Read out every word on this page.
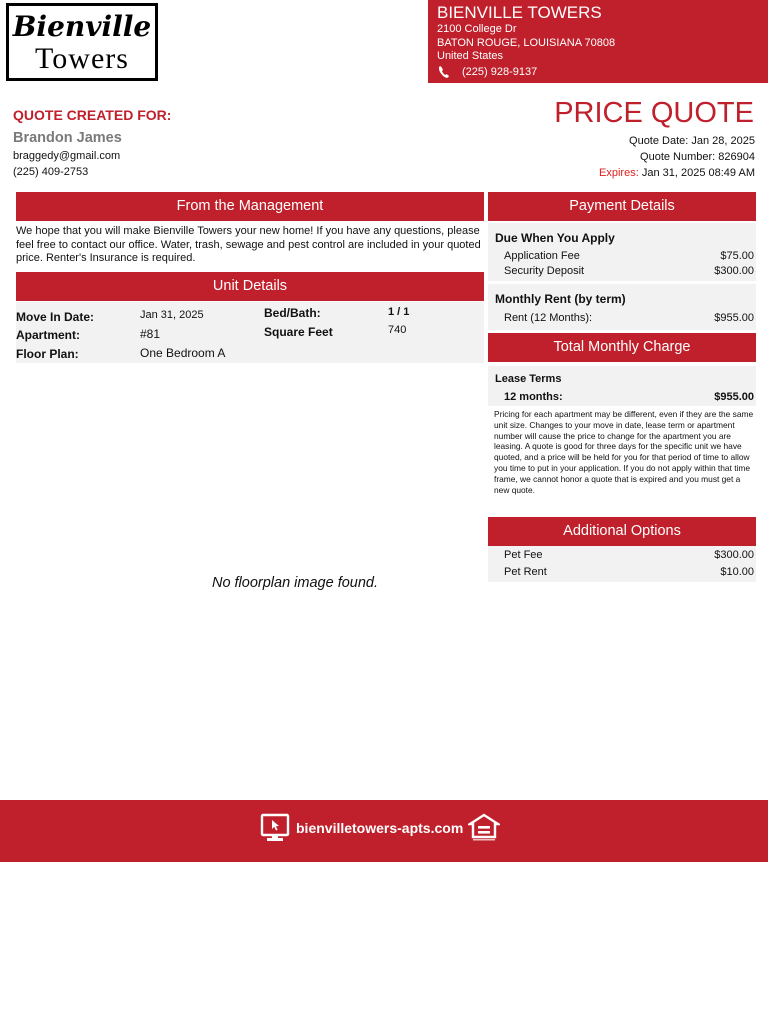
Bienville
Towers
BIENVILLE TOWERS
2100 College Dr
BATON ROUGE, LOUISIANA 70808
United States
(225) 928-9137
QUOTE CREATED FOR:
Brandon James
braggedy@gmail.com
(225) 409-2753
PRICE QUOTE
Quote Date: Jan 28, 2025
Quote Number: 826904
Expires: Jan 31, 2025 08:49 AM
From the Management
We hope that you will make Bienville Towers your new home! If you have any questions, please feel free to contact our office. Water, trash, sewage and pest control are included in your quoted price. Renter's Insurance is required.
Unit Details
Move In Date:	Jan 31, 2025
Apartment:	#81
Floor Plan:	One Bedroom A
Bed/Bath:	1 / 1
Square Feet	740
Payment Details
Due When You Apply
Application Fee	$75.00
Security Deposit	$300.00
Monthly Rent (by term)
Rent (12 Months):	$955.00
Total Monthly Charge
Lease Terms
12 months:	$955.00
Pricing for each apartment may be different, even if they are the same unit size. Changes to your move in date, lease term or apartment number will cause the price to change for the apartment you are leasing. A quote is good for three days for the specific unit we have quoted, and a price will be held for you for that period of time to allow you time to put in your application. If you do not apply within that time frame, we cannot honor a quote that is expired and you must get a new quote.
Additional Options
Pet Fee	$300.00
Pet Rent	$10.00
No floorplan image found.
bienvilletowers-apts.com
